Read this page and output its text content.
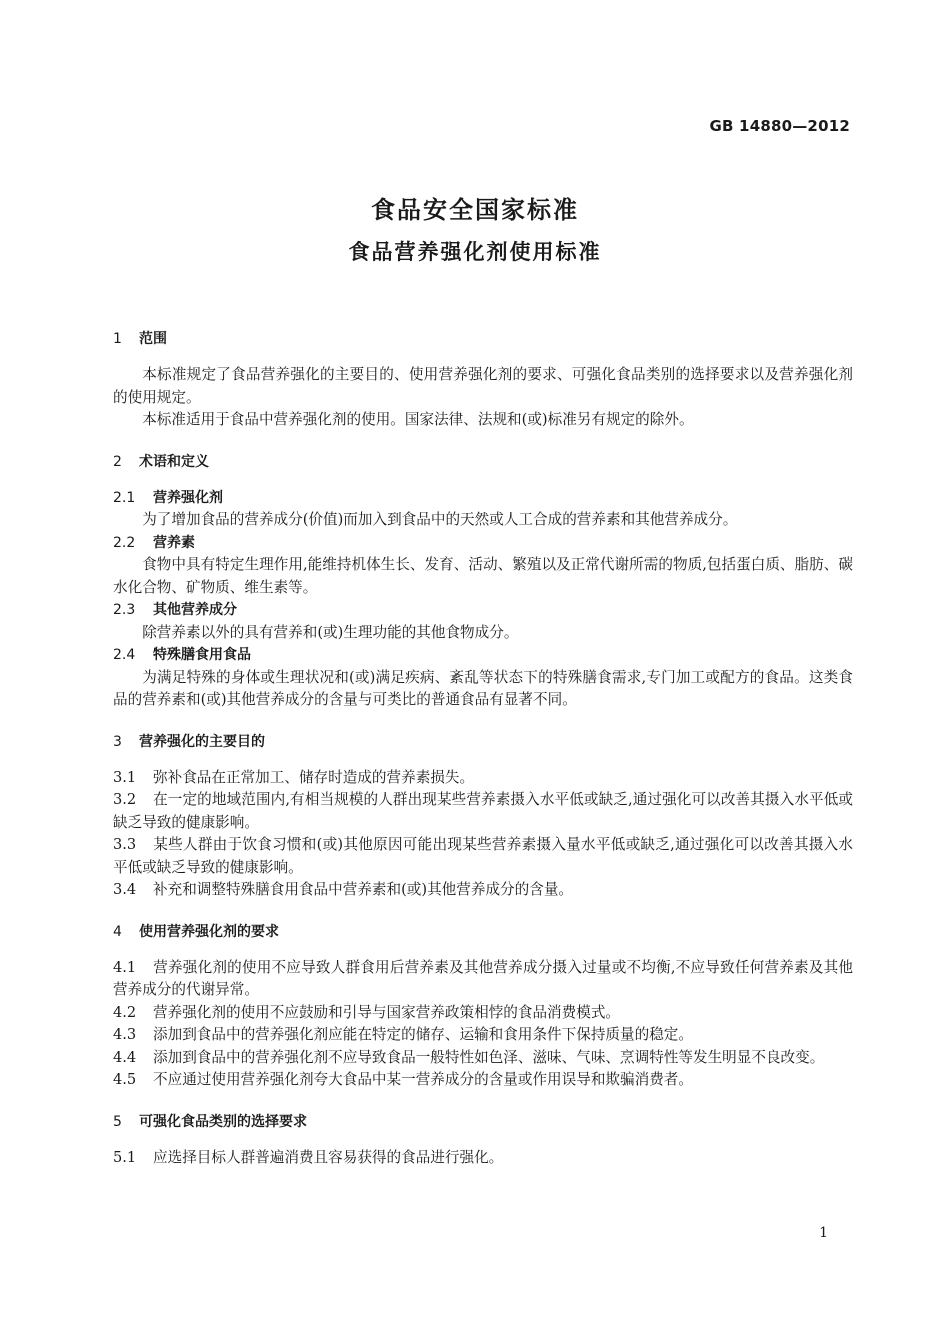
GB 14880—2012
食品安全国家标准
食品营养强化剂使用标准
1 范围

本标准规定了食品营养强化的主要目的、使用营养强化剂的要求、可强化食品类别的选择要求以及营养强化剂的使用规定。

本标准适用于食品中营养强化剂的使用。国家法律、法规和(或)标准另有规定的除外。

2 术语和定义
2.1 营养强化剂

为了增加食品的营养成分(价值)而加入到食品中的天然或人工合成的营养素和其他营养成分。

2.2 营养素

食物中具有特定生理作用,能维持机体生长、发育、活动、繁殖以及正常代谢所需的物质,包括蛋白质、脂肪、碳水化合物、矿物质、维生素等。

2.3 其他营养成分

除营养素以外的具有营养和(或)生理功能的其他食物成分。

2.4 特殊膳食用食品

为满足特殊的身体或生理状况和(或)满足疾病、紊乱等状态下的特殊膳食需求,专门加工或配方的食品。这类食品的营养素和(或)其他营养成分的含量与可类比的普通食品有显著不同。

3 营养强化的主要目的

3.1 弥补食品在正常加工、储存时造成的营养素损失。

3.2 在一定的地域范围内,有相当规模的人群出现某些营养素摄入水平低或缺乏,通过强化可以改善其摄入水平低或缺乏导致的健康影响。

3.3 某些人群由于饮食习惯和(或)其他原因可能出现某些营养素摄入量水平低或缺乏,通过强化可以改善其摄入水平低或缺乏导致的健康影响。

3.4 补充和调整特殊膳食用食品中营养素和(或)其他营养成分的含量。

4 使用营养强化剂的要求

4.1 营养强化剂的使用不应导致人群食用后营养素及其他营养成分摄入过量或不均衡,不应导致任何营养素及其他营养成分的代谢异常。

4.2 营养强化剂的使用不应鼓励和引导与国家营养政策相悖的食品消费模式。

4.3 添加到食品中的营养强化剂应能在特定的储存、运输和食用条件下保持质量的稳定。

4.4 添加到食品中的营养强化剂不应导致食品一般特性如色泽、滋味、气味、烹调特性等发生明显不良改变。

4.5 不应通过使用营养强化剂夸大食品中某一营养成分的含量或作用误导和欺骗消费者。

5 可强化食品类别的选择要求

5.1 应选择目标人群普遍消费且容易获得的食品进行强化。

1
